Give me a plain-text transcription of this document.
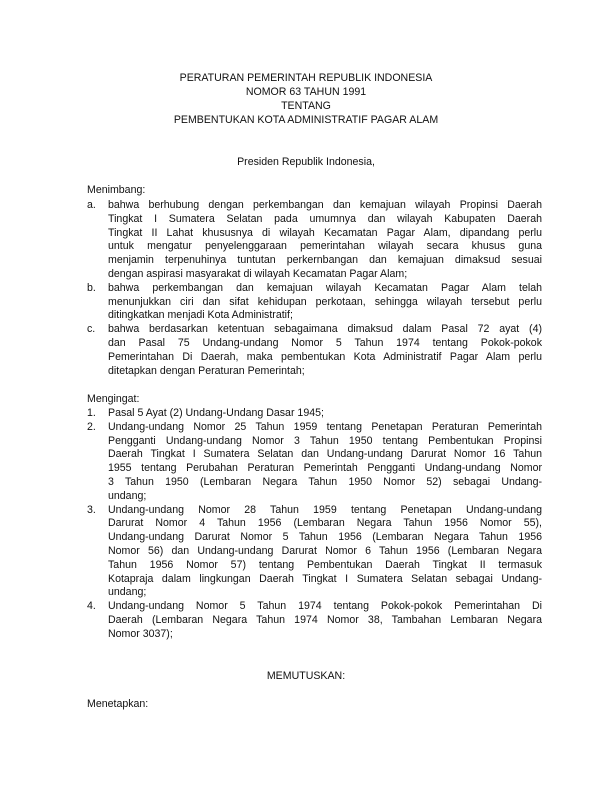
PERATURAN PEMERINTAH REPUBLIK INDONESIA
NOMOR 63 TAHUN 1991
TENTANG
PEMBENTUKAN KOTA ADMINISTRATIF PAGAR ALAM
Presiden Republik Indonesia,
Menimbang:
a. bahwa berhubung dengan perkembangan dan kemajuan wilayah Propinsi Daerah
Tingkat I Sumatera Selatan pada umumnya dan wilayah Kabupaten Daerah
Tingkat II Lahat khususnya di wilayah Kecamatan Pagar Alam, dipandang perlu
untuk mengatur penyelenggaraan pemerintahan wilayah secara khusus guna
menjamin terpenuhinya tuntutan perkernbangan dan kemajuan dimaksud sesuai
dengan aspirasi masyarakat di wilayah Kecamatan Pagar Alam;
b. bahwa perkembangan dan kemajuan wilayah Kecamatan Pagar Alam telah
menunjukkan ciri dan sifat kehidupan perkotaan, sehingga wilayah tersebut perlu
ditingkatkan menjadi Kota Administratif;
c. bahwa berdasarkan ketentuan sebagaimana dimaksud dalam Pasal 72 ayat (4)
dan Pasal 75 Undang-undang Nomor 5 Tahun 1974 tentang Pokok-pokok
Pemerintahan Di Daerah, maka pembentukan Kota Administratif Pagar Alam perlu
ditetapkan dengan Peraturan Pemerintah;
Mengingat:
1. Pasal 5 Ayat (2) Undang-Undang Dasar 1945;
2. Undang-undang Nomor 25 Tahun 1959 tentang Penetapan Peraturan Pemerintah
Pengganti Undang-undang Nomor 3 Tahun 1950 tentang Pembentukan Propinsi
Daerah Tingkat I Sumatera Selatan dan Undang-undang Darurat Nomor 16 Tahun
1955 tentang Perubahan Peraturan Pemerintah Pengganti Undang-undang Nomor
3 Tahun 1950 (Lembaran Negara Tahun 1950 Nomor 52) sebagai Undang-
undang;
3. Undang-undang Nomor 28 Tahun 1959 tentang Penetapan Undang-undang
Darurat Nomor 4 Tahun 1956 (Lembaran Negara Tahun 1956 Nomor 55),
Undang-undang Darurat Nomor 5 Tahun 1956 (Lembaran Negara Tahun 1956
Nomor 56) dan Undang-undang Darurat Nomor 6 Tahun 1956 (Lembaran Negara
Tahun 1956 Nomor 57) tentang Pembentukan Daerah Tingkat II termasuk
Kotapraja dalam lingkungan Daerah Tingkat I Sumatera Selatan sebagai Undang-
undang;
4. Undang-undang Nomor 5 Tahun 1974 tentang Pokok-pokok Pemerintahan Di
Daerah (Lembaran Negara Tahun 1974 Nomor 38, Tambahan Lembaran Negara
Nomor 3037);
MEMUTUSKAN:
Menetapkan:
